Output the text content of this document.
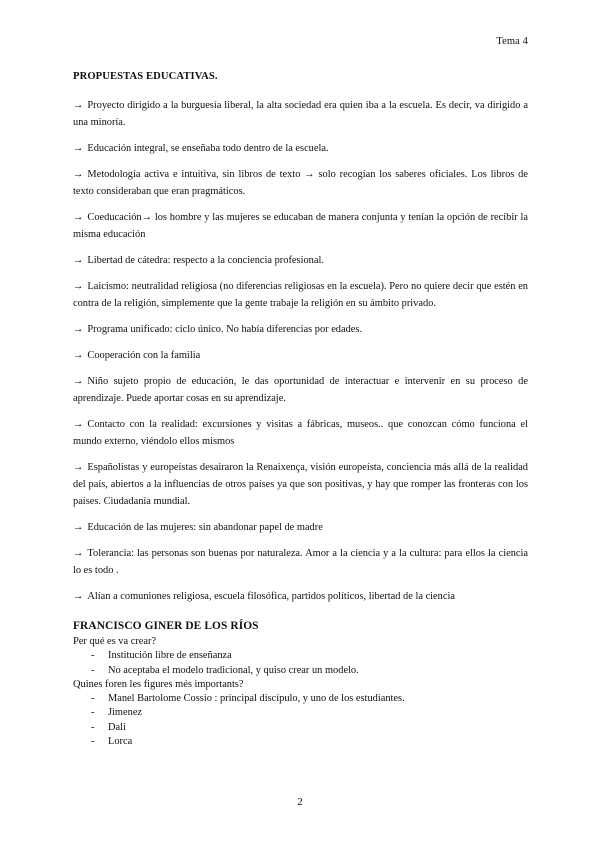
Tema 4
PROPUESTAS EDUCATIVAS.

→ Proyecto dirigido a la burguesía liberal, la alta sociedad era quien iba a la escuela. Es decir, va dirigido a una minoría.

→ Educación integral, se enseñaba todo dentro de la escuela.

→ Metodología activa e intuitiva, sin libros de texto → solo recogían los saberes oficiales. Los libros de texto consideraban que eran pragmáticos.

→ Coeducación→ los hombre y las mujeres se educaban de manera conjunta y tenían la opción de recibir la misma educación

→ Libertad de cátedra: respecto a la conciencia profesional.

→ Laicismo: neutralidad religiosa (no diferencias religiosas en la escuela). Pero no quiere decir que estén en contra de la religión, simplemente que la gente trabaje la religión en su ámbito privado.

→ Programa unificado: ciclo único. No había diferencias por edades.

→ Cooperación con la familia

→ Niño sujeto propio de educación, le das oportunidad de interactuar e intervenir en su proceso de aprendizaje. Puede aportar cosas en su aprendizaje.

→ Contacto con la realidad: excursiones y visitas a fábricas, museos.. que conozcan cómo funciona el mundo externo, viéndolo ellos mismos

→ Españolistas y europeístas desairaron la Renaixença, visión europeísta, conciencia más allá de la realidad del país, abiertos a la influencias de otros países ya que son positivas, y hay que romper las fronteras con los países. Ciudadanía mundial.

→ Educación de las mujeres: sin abandonar papel de madre

→ Tolerancia: las personas son buenas por naturaleza. Amor a la ciencia y a la cultura: para ellos la ciencia lo es todo .

→ Alían a comuniones religiosa, escuela filosófica, partidos políticos, libertad de la ciencia

FRANCISCO GINER DE LOS RÍOS

Per qué es va crear?

- Institución libre de enseñanza
- No aceptaba el modelo tradicional, y quiso crear un modelo.

Quines foren les figures més importants?

- Manel Bartolome Cossio : principal discípulo, y uno de los estudiantes.
- Jimenez
- Dali
- Lorca
2
